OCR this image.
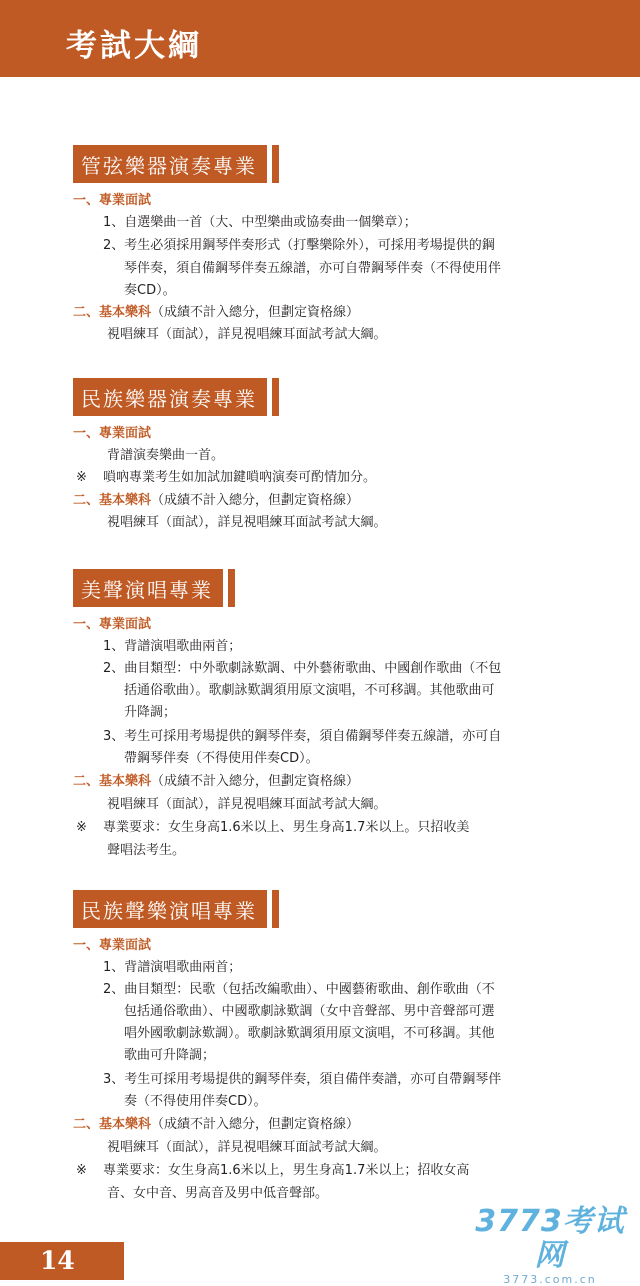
考試大綱
管弦樂器演奏專業
一、專業面試
1、自選樂曲一首（大、中型樂曲或協奏曲一個樂章）；
2、考生必須採用鋼琴伴奏形式（打擊樂除外），可採用考場提供的鋼
琴伴奏，須自備鋼琴伴奏五線譜，亦可自帶鋼琴伴奏（不得使用伴
奏CD）。
二、基本樂科（成績不計入總分，但劃定資格線）
視唱練耳（面試），詳見視唱練耳面試考試大綱。
民族樂器演奏專業
一、專業面試
背譜演奏樂曲一首。
※ 嗩吶專業考生如加試加鍵嗩吶演奏可酌情加分。
二、基本樂科（成績不計入總分，但劃定資格線）
視唱練耳（面試），詳見視唱練耳面試考試大綱。
美聲演唱專業
一、專業面試
1、背譜演唱歌曲兩首；
2、曲目類型：中外歌劇詠歎調、中外藝術歌曲、中國創作歌曲（不包
括通俗歌曲）。歌劇詠歎調須用原文演唱，不可移調。其他歌曲可
升降調；
3、考生可採用考場提供的鋼琴伴奏，須自備鋼琴伴奏五線譜，亦可自
帶鋼琴伴奏（不得使用伴奏CD）。
二、基本樂科（成績不計入總分，但劃定資格線）
視唱練耳（面試），詳見視唱練耳面試考試大綱。
※ 專業要求：女生身高1.6米以上、男生身高1.7米以上。只招收美
聲唱法考生。
民族聲樂演唱專業
一、專業面試
1、背譜演唱歌曲兩首；
2、曲目類型：民歌（包括改編歌曲）、中國藝術歌曲、創作歌曲（不
包括通俗歌曲）、中國歌劇詠歎調（女中音聲部、男中音聲部可選
唱外國歌劇詠歎調）。歌劇詠歎調須用原文演唱，不可移調。其他
歌曲可升降調；
3、考生可採用考場提供的鋼琴伴奏，須自備伴奏譜，亦可自帶鋼琴伴
奏（不得使用伴奏CD）。
二、基本樂科（成績不計入總分，但劃定資格線）
視唱練耳（面試），詳見視唱練耳面試考試大綱。
※ 專業要求：女生身高1.6米以上，男生身高1.7米以上；招收女高
音、女中音、男高音及男中低音聲部。
3773考试网
3773.com.cn
14
